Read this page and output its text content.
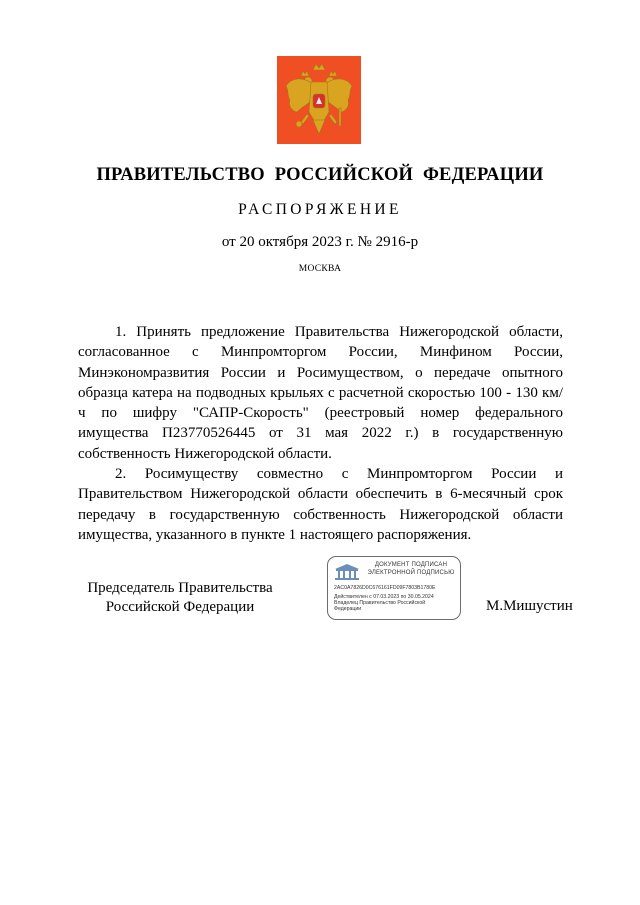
ПРАВИТЕЛЬСТВО РОССИЙСКОЙ ФЕДЕРАЦИИ
РАСПОРЯЖЕНИЕ
от 20 октября 2023 г. № 2916-р
МОСКВА

1. Принять предложение Правительства Нижегородской области, согласованное с Минпромторгом России, Минфином России, Минэкономразвития России и Росимуществом, о передаче опытного образца катера на подводных крыльях с расчетной скоростью 100 - 130 км/ч по шифру "САПР-Скорость" (реестровый номер федерального имущества П23770526445 от 31 мая 2022 г.) в государственную собственность Нижегородской области.

2. Росимуществу совместно с Минпромторгом России и Правительством Нижегородской области обеспечить в 6-месячный срок передачу в государственную собственность Нижегородской области имущества, указанного в пункте 1 настоящего распоряжения.

Председатель Правительства
Российской Федерации
ДОКУМЕНТ ПОДПИСАН
ЭЛЕКТРОННОЙ ПОДПИСЬЮ
2AC0A7826D0C676161FD09F7803B1780E
Действителен с 07.03.2023 по 30.05.2024
Владелец Правительство Российской Федерации	М.Мишустин
